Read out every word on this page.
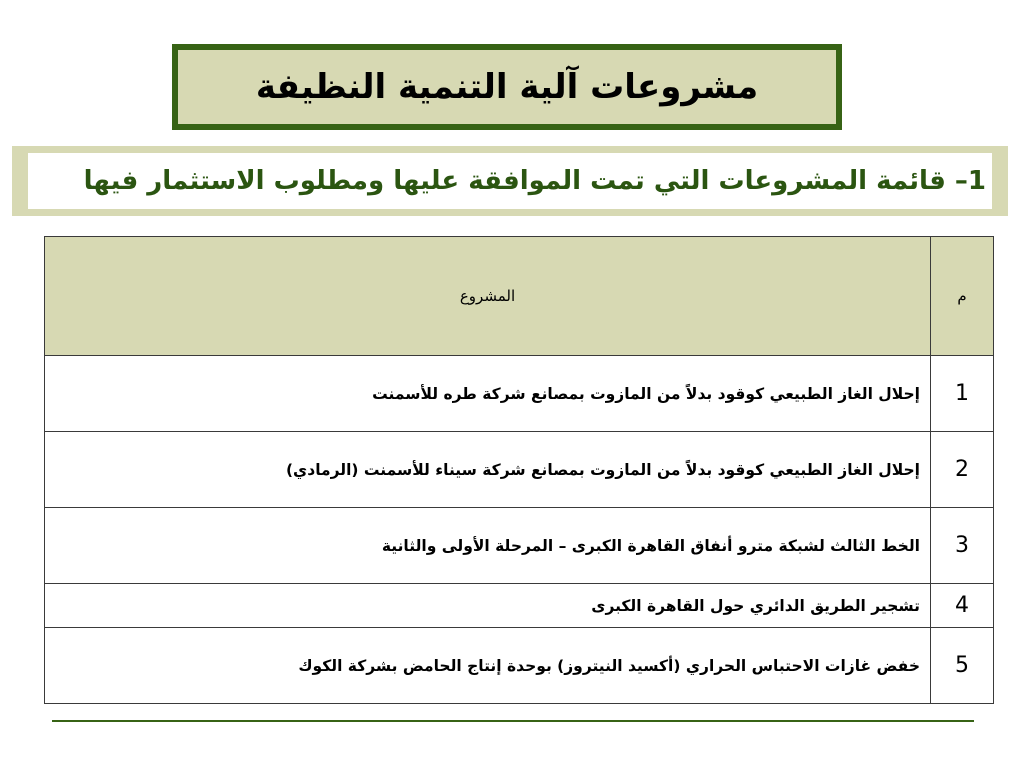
مشروعات آلية التنمية النظيفة
1– قائمة المشروعات التي تمت الموافقة عليها ومطلوب الاستثمار فيها
م	المشروع
1	إحلال الغاز الطبيعي كوقود بدلاً من المازوت بمصانع شركة طره للأسمنت
2	إحلال الغاز الطبيعي كوقود بدلاً من المازوت بمصانع شركة سيناء للأسمنت (الرمادي)
3	الخط الثالث لشبكة مترو أنفاق القاهرة الكبرى – المرحلة الأولى والثانية
4	تشجير الطريق الدائري حول القاهرة الكبرى
5	خفض غازات الاحتباس الحراري (أكسيد النيتروز) بوحدة إنتاج الحامض بشركة الكوك
